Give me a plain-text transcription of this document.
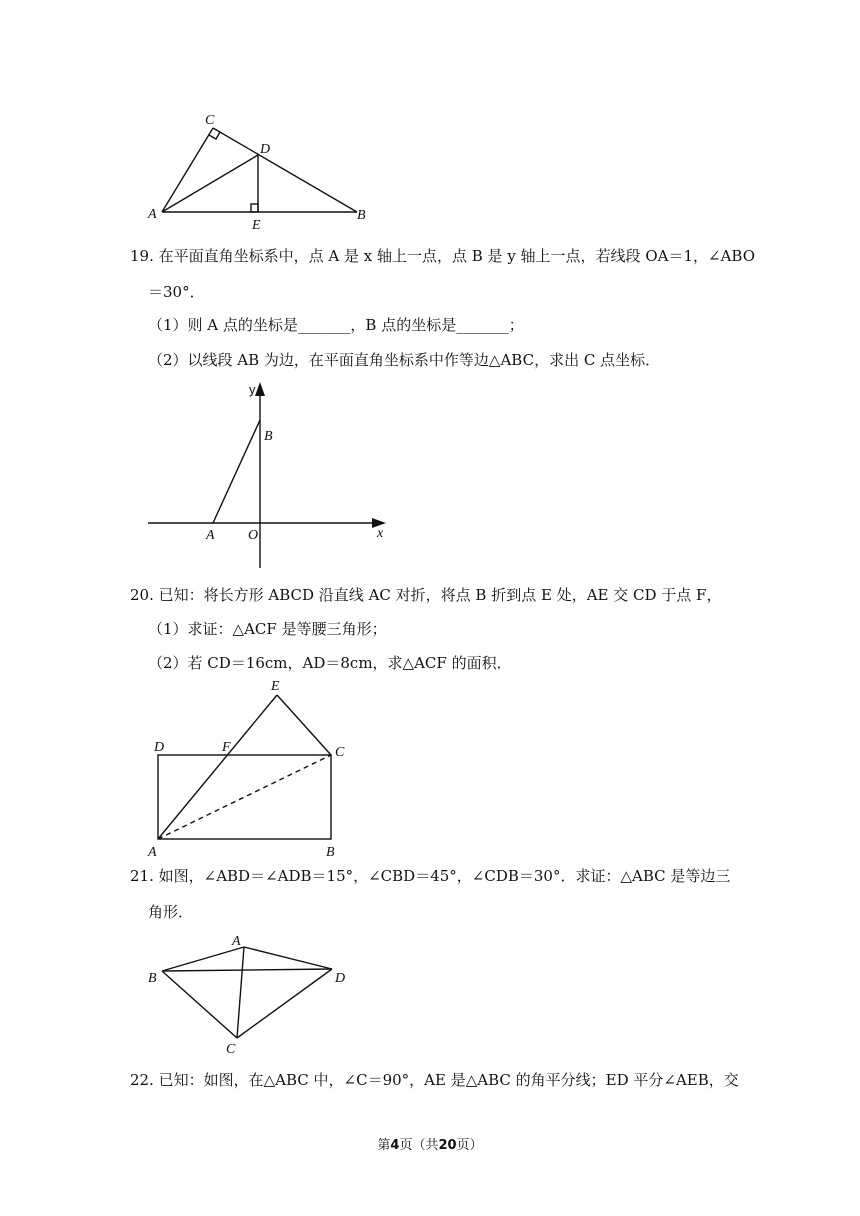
C
D
A
E
B
19. 在平面直角坐标系中，点 A 是 x 轴上一点，点 B 是 y 轴上一点，若线段 OA＝1，∠ABO
＝30°．
（1）则 A 点的坐标是_______，B 点的坐标是_______；
（2）以线段 AB 为边，在平面直角坐标系中作等边△ABC，求出 C 点坐标．
y
B
A O	x
20. 已知：将长方形 ABCD 沿直线 AC 对折，将点 B 折到点 E 处，AE 交 CD 于点 F，
（1）求证：△ACF 是等腰三角形；
（2）若 CD＝16cm，AD＝8cm，求△ACF 的面积．
E
D	F	C
A	B
21. 如图，∠ABD＝∠ADB＝15°，∠CBD＝45°，∠CDB＝30°．求证：△ABC 是等边三
角形．
A
B	D
C
22. 已知：如图，在△ABC 中，∠C＝90°，AE 是△ABC 的角平分线；ED 平分∠AEB，交
第4页（共20页）
